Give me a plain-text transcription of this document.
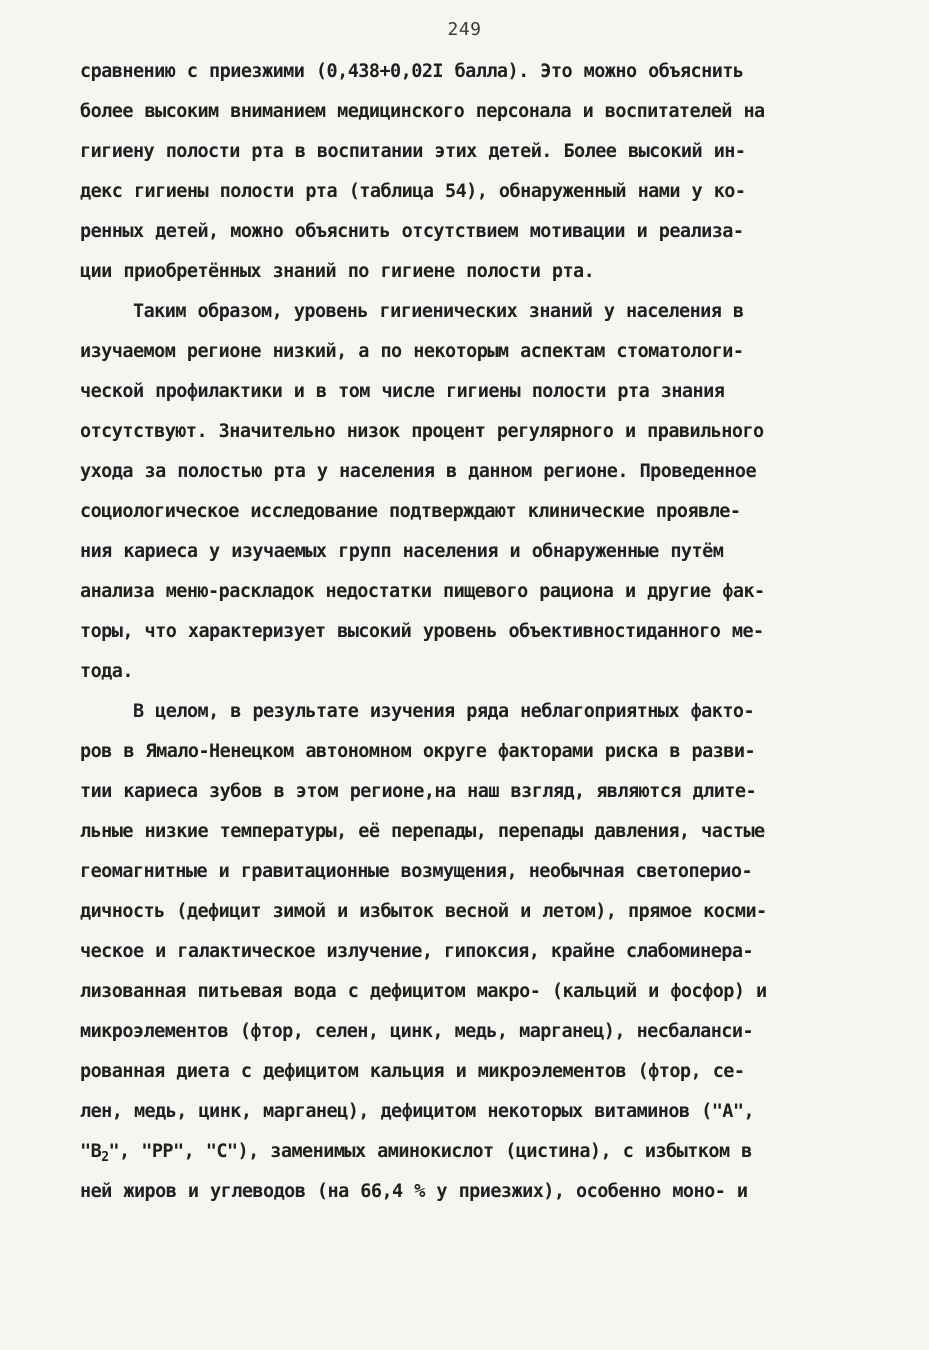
249
сравнению с приезжими (0,438+0,02I балла). Это можно объяснить
более высоким вниманием медицинского персонала и воспитателей на
гигиену полости рта в воспитании этих детей. Более высокий ин-
декс гигиены полости рта (таблица 54), обнаруженный нами у ко-
ренных детей, можно объяснить отсутствием мотивации и реализа-
ции приобретённых знаний по гигиене полости рта.
Таким образом, уровень гигиенических знаний у населения в
изучаемом регионе низкий, а по некоторым аспектам стоматологи-
ческой профилактики и в том числе гигиены полости рта знания
отсутствуют. Значительно низок процент регулярного и правильного
ухода за полостью рта у населения в данном регионе. Проведенное
социологическое исследование подтверждают клинические проявле-
ния кариеса у изучаемых групп населения и обнаруженные путём
анализа меню-раскладок недостатки пищевого рациона и другие фак-
торы, что характеризует высокий уровень объективностиданного ме-
тода.
В целом, в результате изучения ряда неблагоприятных факто-
ров в Ямало-Ненецком автономном округе факторами риска в разви-
тии кариеса зубов в этом регионе,на наш взгляд, являются длите-
льные низкие температуры, её перепады, перепады давления, частые
геомагнитные и гравитационные возмущения, необычная светоперио-
дичность (дефицит зимой и избыток весной и летом), прямое косми-
ческое и галактическое излучение, гипоксия, крайне слабоминера-
лизованная питьевая вода с дефицитом макро- (кальций и фосфор) и
микроэлементов (фтор, селен, цинк, медь, марганец), несбаланси-
рованная диета с дефицитом кальция и микроэлементов (фтор, се-
лен, медь, цинк, марганец), дефицитом некоторых витаминов ("А",
"$В_2$", "РР", "С"), заменимых аминокислот (цистина), с избытком в
ней жиров и углеводов (на 66,4 % у приезжих), особенно моно- и
